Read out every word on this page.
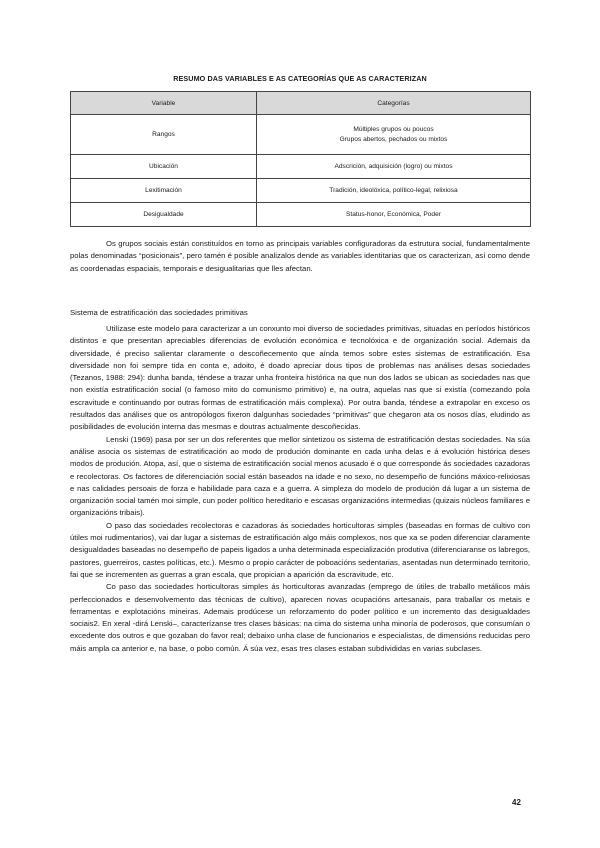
RESUMO DAS VARIABLES E AS CATEGORÍAS QUE AS CARACTERIZAN
Variable	Categorías
Rangos	Múltiples grupos ou poucos
Grupos abertos, pechados ou mixtos

Ubicación	Adscrición, adquisición (logro) ou mixtos
Lexitimación	Tradición, ideolóxica, político-legal, relixiosa
Desigualdade	Status-honor, Económica, Poder

Os grupos sociais están constituídos en torno as principais variables configuradoras da estrutura social, fundamentalmente polas denominadas “posicionais”, pero tamén é posible analizalos dende as variables identitarias que os caracterizan, así como dende as coordenadas espaciais, temporais e desigualitarias que lles afectan.

Sistema de estratificación das sociedades primitivas

Utilízase este modelo para caracterizar a un conxunto moi diverso de sociedades primitivas, situadas en períodos históricos distintos e que presentan apreciables diferencias de evolución económica e tecnolóxica e de organización social. Ademais da diversidade, é preciso salientar claramente o descoñecemento que aínda temos sobre estes sistemas de estratificación. Esa diversidade non foi sempre tida en conta e, adoito, é doado apreciar dous tipos de problemas nas análises desas sociedades (Tezanos, 1988: 294): dunha banda, téndese a trazar unha fronteira histórica na que nun dos lados se ubican as sociedades nas que non existía estratificación social (o famoso mito do comunismo primitivo) e, na outra, aquelas nas que si existía (comezando pola escravitude e continuando por outras formas de estratificación máis complexa). Por outra banda, téndese a extrapolar en exceso os resultados das análises que os antropólogos fixeron dalgunhas sociedades “primitivas” que chegaron ata os nosos días, eludindo as posibilidades de evolución interna das mesmas e doutras actualmente descoñecidas.

Lenski (1969) pasa por ser un dos referentes que mellor sintetizou os sistema de estratificación destas sociedades. Na súa análise asocia os sistemas de estratificación ao modo de produción dominante en cada unha delas e á evolución histórica deses modos de produción. Atopa, así, que o sistema de estratificación social menos acusado é o que corresponde ás sociedades cazadoras e recolectoras. Os factores de diferenciación social están baseados na idade e no sexo, no desempeño de funcións máxico-relixiosas e nas calidades persoais de forza e habilidade para caza e a guerra. A simpleza do modelo de produción dá lugar a un sistema de organización social tamén moi simple, cun poder político hereditario e escasas organizacións intermedias (quizais núcleos familiares e organizacións tribais).

O paso das sociedades recolectoras e cazadoras ás sociedades horticultoras simples (baseadas en formas de cultivo con útiles moi rudimentarios), vai dar lugar a sistemas de estratificación algo máis complexos, nos que xa se poden diferenciar claramente desigualdades baseadas no desempeño de papeis ligados a unha determinada especialización produtiva (diferenciaranse os labregos, pastores, guerreiros, castes políticas, etc.). Mesmo o propio carácter de poboacións sedentarias, asentadas nun determinado territorio, fai que se incrementen as guerras a gran escala, que propician a aparición da escravitude, etc.

Co paso das sociedades horticultoras simples ás horticultoras avanzadas (emprego de útiles de traballo metálicos máis perfeccionados e desenvolvemento das técnicas de cultivo), aparecen novas ocupacións artesanais, para traballar os metais e ferramentas e explotacións mineiras. Ademais prodúcese un reforzamento do poder político e un incremento das desigualdades sociais2. En xeral -dirá Lenski–, caracterízanse tres clases básicas: na cima do sistema unha minoría de poderosos, que consumían o excedente dos outros e que gozaban do favor real; debaixo unha clase de funcionarios e especialistas, de dimensións reducidas pero máis ampla ca anterior e, na base, o pobo común. Á súa vez, esas tres clases estaban subdivididas en varias subclases.

42
